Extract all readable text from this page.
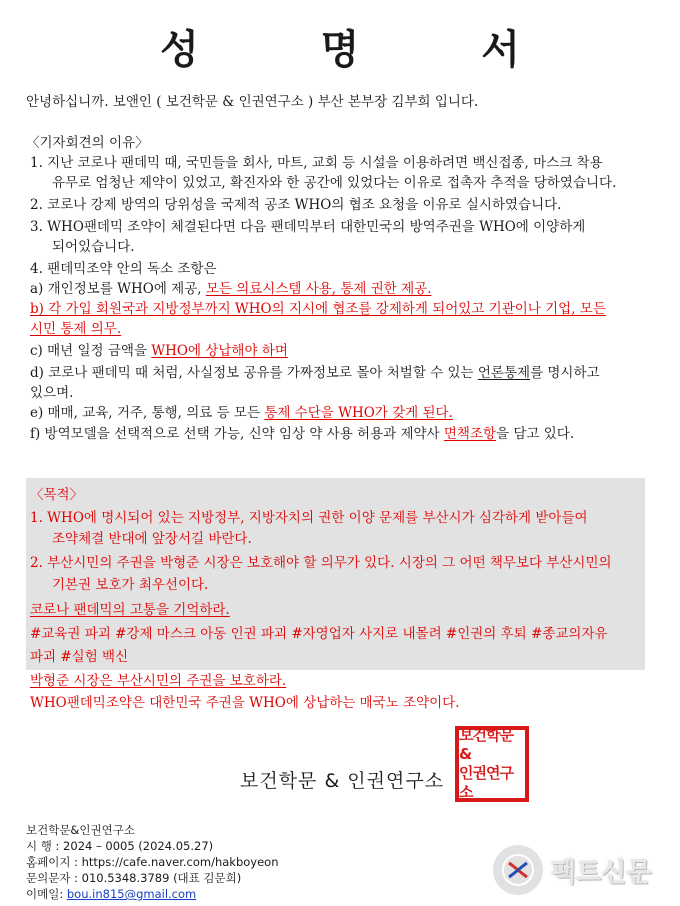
성 명 서
안녕하십니까. 보앤인 ( 보건학문 & 인권연구소 ) 부산 본부장 김부희 입니다.
〈기자회견의 이유〉
1. 지난 코로나 팬데믹 때, 국민들을 회사, 마트, 교회 등 시설을 이용하려면 백신접종, 마스크 착용
유무로 엄청난 제약이 있었고, 확진자와 한 공간에 있었다는 이유로 접촉자 추적을 당하였습니다.
2. 코로나 강제 방역의 당위성을 국제적 공조 WHO의 협조 요청을 이유로 실시하였습니다.
3. WHO팬데믹 조약이 체결된다면 다음 팬데믹부터 대한민국의 방역주권을 WHO에 이양하게
되어있습니다.
4. 팬데믹조약 안의 독소 조항은
a) 개인정보를 WHO에 제공, 모든 의료시스템 사용, 통제 권한 제공.
b) 각 가입 회원국과 지방정부까지 WHO의 지시에 협조를 강제하게 되어있고 기관이나 기업, 모든
시민 통제 의무.
c) 매년 일정 금액을 WHO에 상납해야 하며
d) 코로나 팬데믹 때 처럼, 사실정보 공유를 가짜정보로 몰아 처벌할 수 있는 언론통제를 명시하고
있으며.
e) 매매, 교육, 거주, 통행, 의료 등 모든 통제 수단을 WHO가 갖게 된다.
f) 방역모델을 선택적으로 선택 가능, 신약 임상 약 사용 허용과 제약사 면책조항을 담고 있다.
〈목적〉
1. WHO에 명시되어 있는 지방정부, 지방자치의 권한 이양 문제를 부산시가 심각하게 받아들여
조약체결 반대에 앞장서길 바란다.
2. 부산시민의 주권을 박형준 시장은 보호해야 할 의무가 있다. 시장의 그 어떤 책무보다 부산시민의
기본권 보호가 최우선이다.
코로나 팬데믹의 고통을 기억하라.
#교육권 파괴 #강제 마스크 아동 인권 파괴 #자영업자 사지로 내몰려 #인권의 후퇴 #종교의자유
파괴 #실험 백신
박형준 시장은 부산시민의 주권을 보호하라.
WHO팬데믹조약은 대한민국 주권을 WHO에 상납하는 매국노 조약이다.
보건학문 & 인권연구소
보건학문&
인권연구소
보건학문&인권연구소
시 행 : 2024 – 0005 (2024.05.27)
홈페이지 : https://cafe.naver.com/hakboyeon
문의문자 : 010.5348.3789 (대표 김문희)
이메일: bou.in815@gmail.com
팩트신문
